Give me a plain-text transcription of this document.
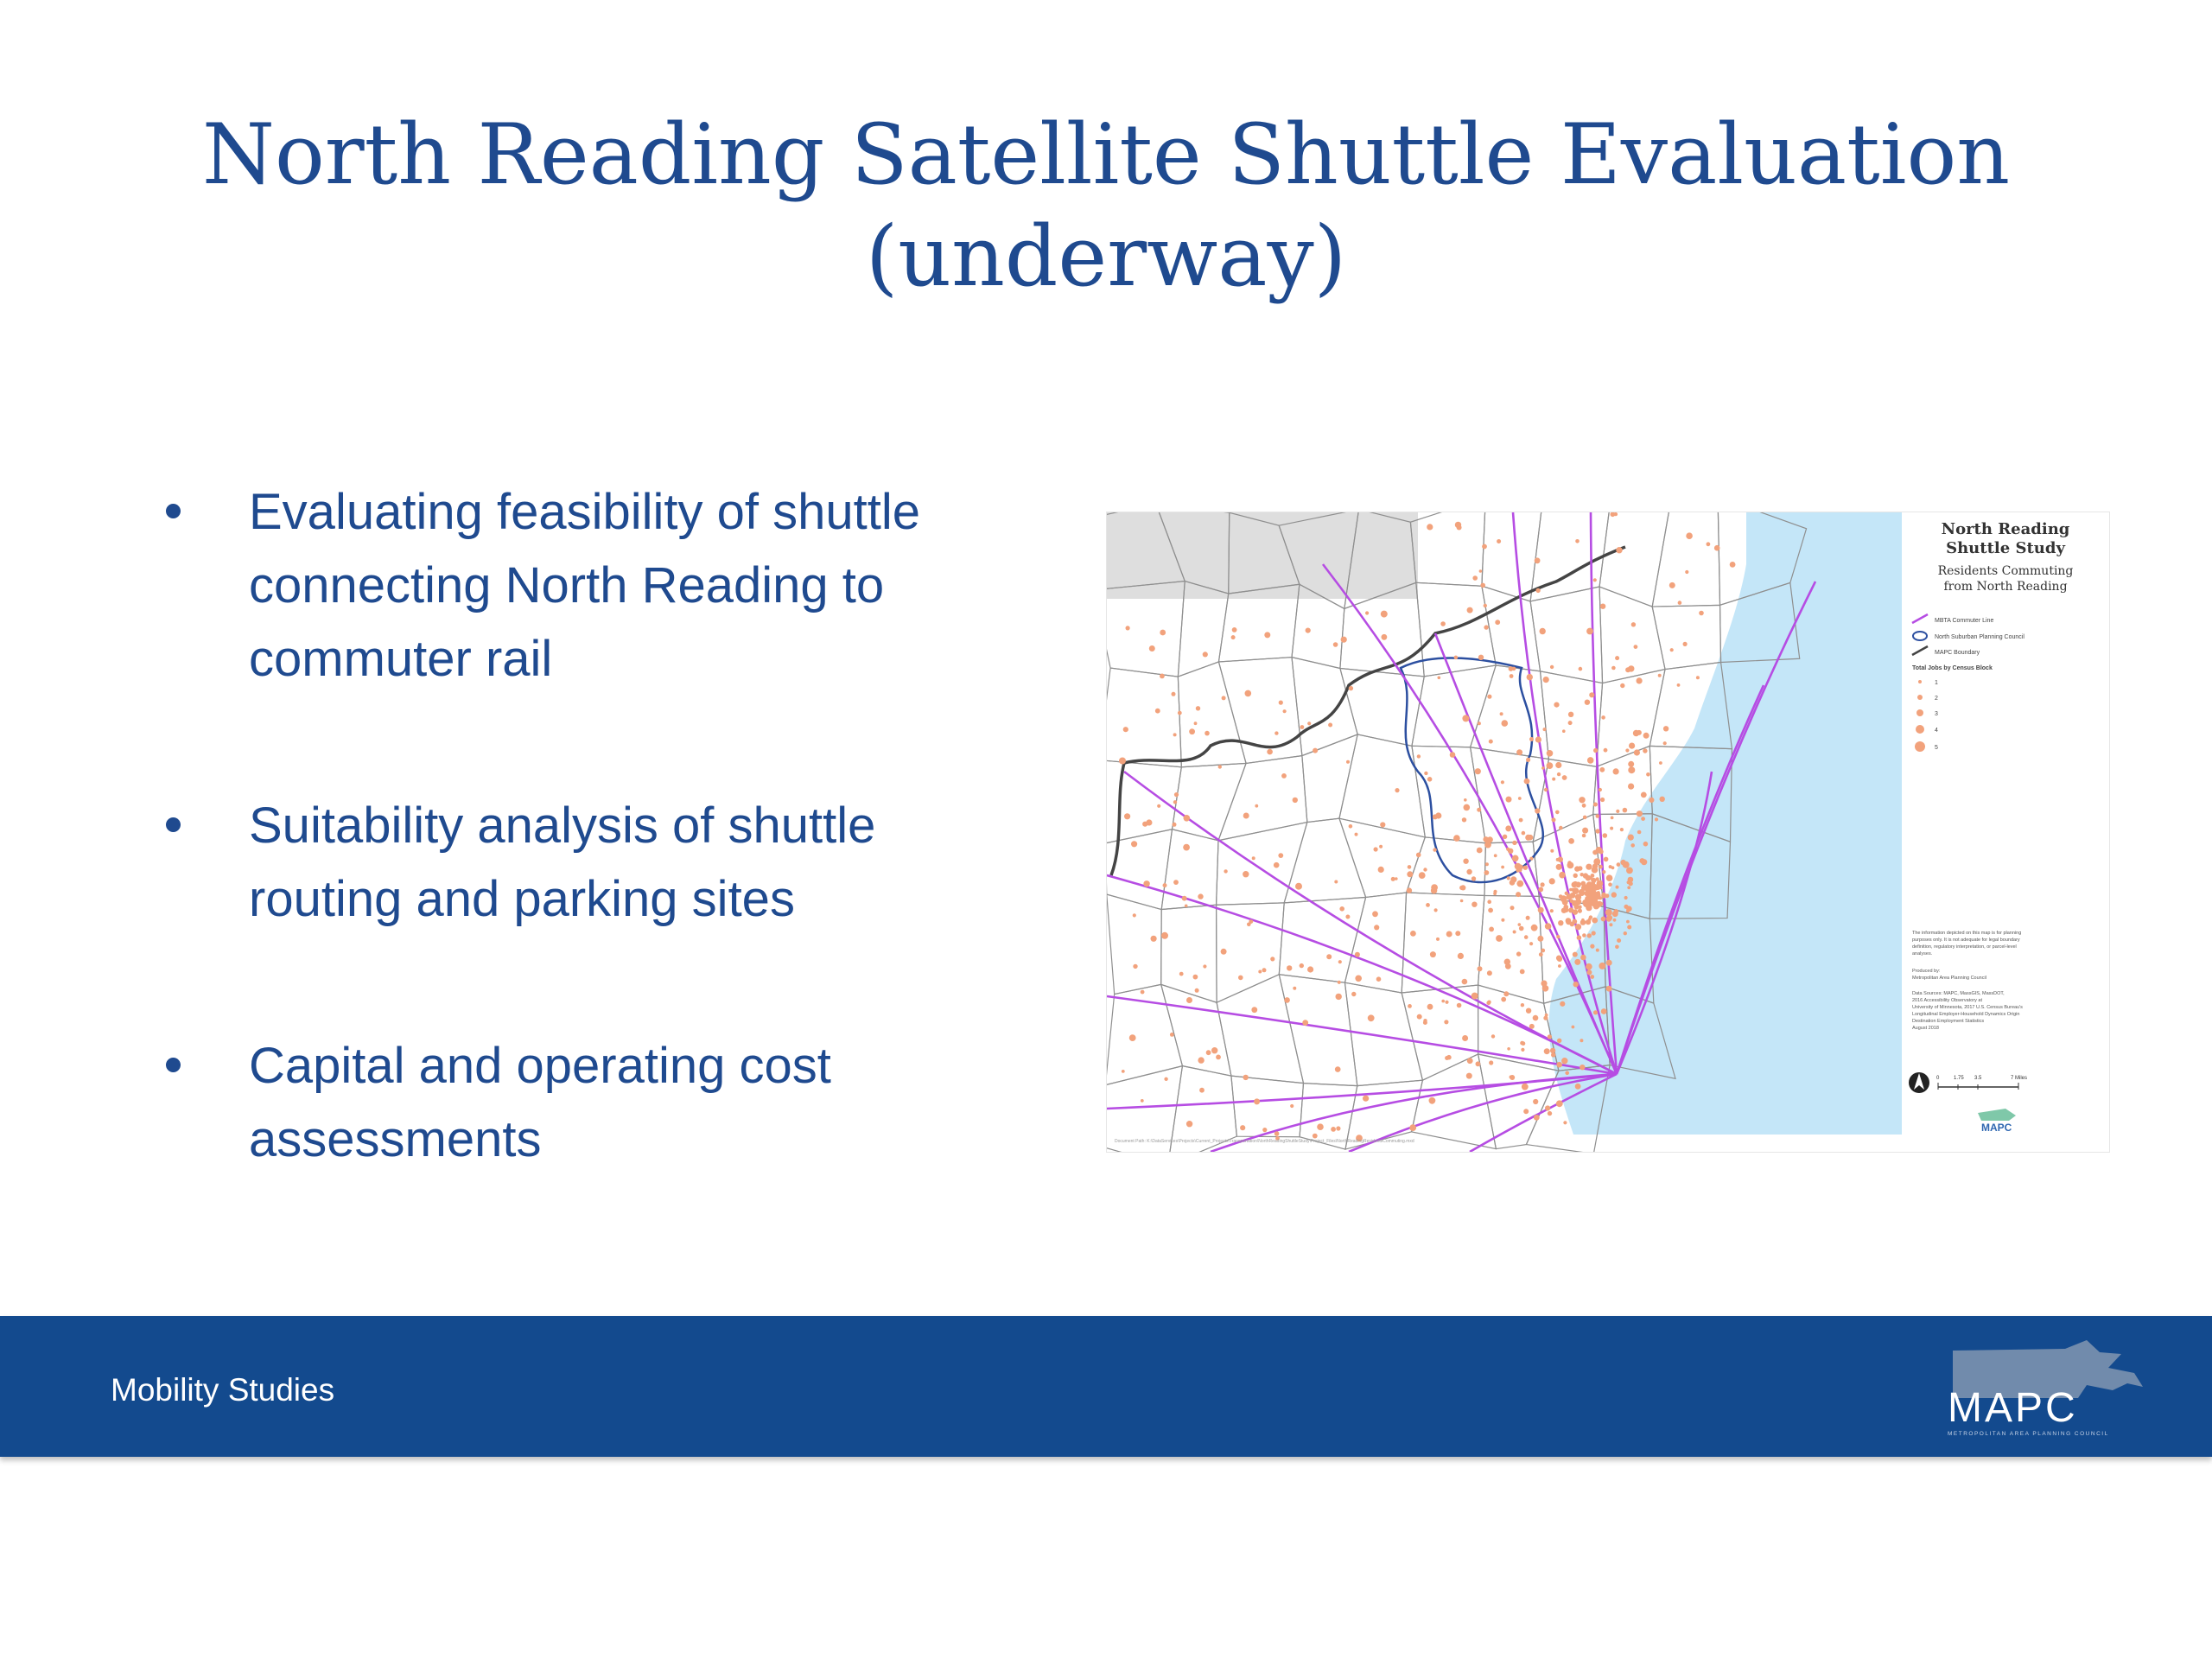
North Reading Satellite Shuttle Evaluation
(underway)
Evaluating feasibility of shuttle
connecting North Reading to
commuter rail
Suitability analysis of shuttle
routing and parking sites
Capital and operating cost
assessments
North Reading
Shuttle Study
Residents Commuting
from North Reading
MBTA Commuter Line
North Suburban Planning Council
MAPC Boundary
Total Jobs by Census Block
1
2
3
4
5
The information depicted on this map is for planning
purposes only. It is not adequate for legal boundary
definition, regulatory interpretation, or parcel-level
analyses.
Produced by:
Metropolitan Area Planning Council
Data Sources: MAPC, MassGIS, MassDOT,
2016 Accessibility Observatory at
University of Minnesota, 2017 U.S. Census Bureau's
Longitudinal Employer-Household Dynamics Origin
Destination Employment Statistics
August 2018
0	1.75 3.5	7 Miles
MAPC
Document Path: K:\DataServices\Projects\Current_Projects\Transportation\NorthReadingShuttleStudy\Project_Files\NorthReadingResidentsCommuting.mxd
Mobility Studies	MAPC
METROPOLITAN AREA PLANNING COUNCIL
